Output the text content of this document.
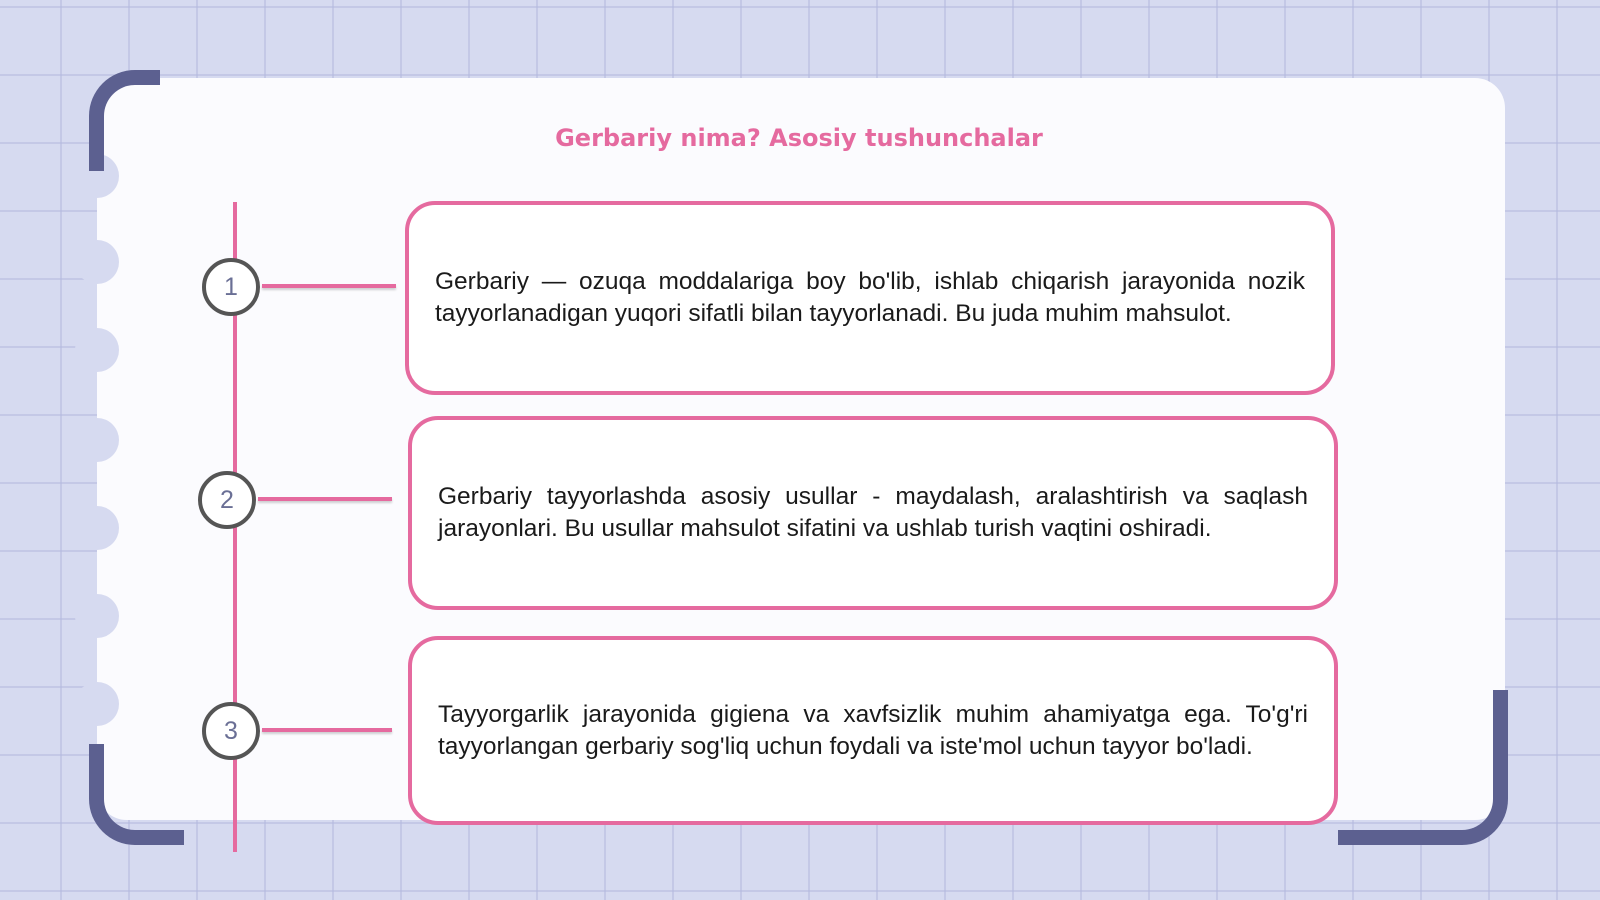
Gerbariy nima? Asosiy tushunchalar
1	Gerbariy — ozuqa moddalariga boy bo'lib, ishlab chiqarish jarayonida nozik tayyorlanadigan yuqori sifatli bilan tayyorlanadi. Bu juda muhim mahsulot.

2	Gerbariy tayyorlashda asosiy usullar - maydalash, aralashtirish va saqlash jarayonlari. Bu usullar mahsulot sifatini va ushlab turish vaqtini oshiradi.

3

Tayyorgarlik jarayonida gigiena va xavfsizlik muhim ahamiyatga ega. To'g'ri tayyorlangan gerbariy sog'liq uchun foydali va iste'mol uchun tayyor bo'ladi.
